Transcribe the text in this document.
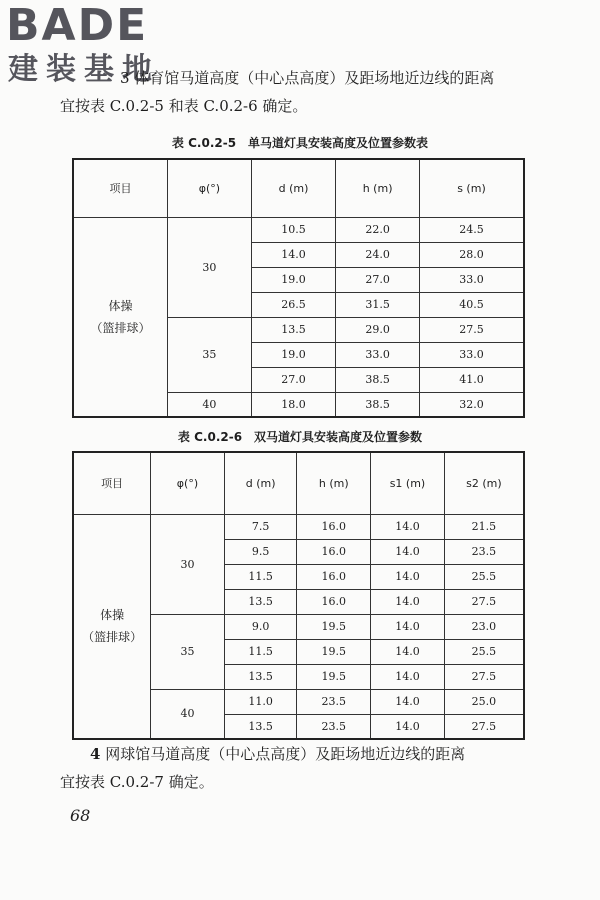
BADE
建装基地
3 体育馆马道高度（中心点高度）及距场地近边线的距离
宜按表 C.0.2-5 和表 C.0.2-6 确定。
表 C.0.2-5　单马道灯具安装高度及位置参数表
项目	φ(°)	d (m)	h (m)	s (m)

体操
（篮排球）	30	10.5	22.0	24.5
		14.0	24.0	28.0
		19.0	27.0	33.0
		26.5	31.5	40.5
	35	13.5	29.0	27.5
		19.0	33.0	33.0
		27.0	38.5	41.0
	40	18.0	38.5	32.0
表 C.0.2-6　双马道灯具安装高度及位置参数
项目	φ(°)	d (m)	h (m)	s1 (m)	s2 (m)

体操
（篮排球）	30	7.5	16.0	14.0	21.5
		9.5	16.0	14.0	23.5
		11.5	16.0	14.0	25.5
		13.5	16.0	14.0	27.5
	35	9.0	19.5	14.0	23.0
		11.5	19.5	14.0	25.5
		13.5	19.5	14.0	27.5
	40	11.0	23.5	14.0	25.0
		13.5	23.5	14.0	27.5
4 网球馆马道高度（中心点高度）及距场地近边线的距离
宜按表 C.0.2-7 确定。
68
